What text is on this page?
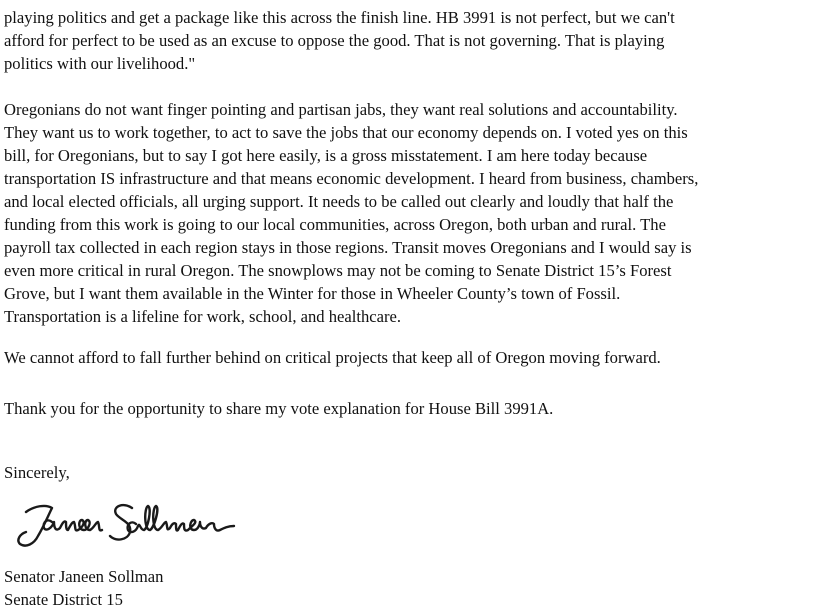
playing politics and get a package like this across the finish line. HB 3991 is not perfect, but we can't
afford for perfect to be used as an excuse to oppose the good. That is not governing. That is playing
politics with our livelihood."

Oregonians do not want finger pointing and partisan jabs, they want real solutions and accountability.
They want us to work together, to act to save the jobs that our economy depends on. I voted yes on this
bill, for Oregonians, but to say I got here easily, is a gross misstatement. I am here today because
transportation IS infrastructure and that means economic development. I heard from business, chambers,
and local elected officials, all urging support. It needs to be called out clearly and loudly that half the
funding from this work is going to our local communities, across Oregon, both urban and rural. The
payroll tax collected in each region stays in those regions. Transit moves Oregonians and I would say is
even more critical in rural Oregon. The snowplows may not be coming to Senate District 15’s Forest
Grove, but I want them available in the Winter for those in Wheeler County’s town of Fossil.
Transportation is a lifeline for work, school, and healthcare.

We cannot afford to fall further behind on critical projects that keep all of Oregon moving forward.

Thank you for the opportunity to share my vote explanation for House Bill 3991A.

Sincerely,

Senator Janeen Sollman

Senate District 15
